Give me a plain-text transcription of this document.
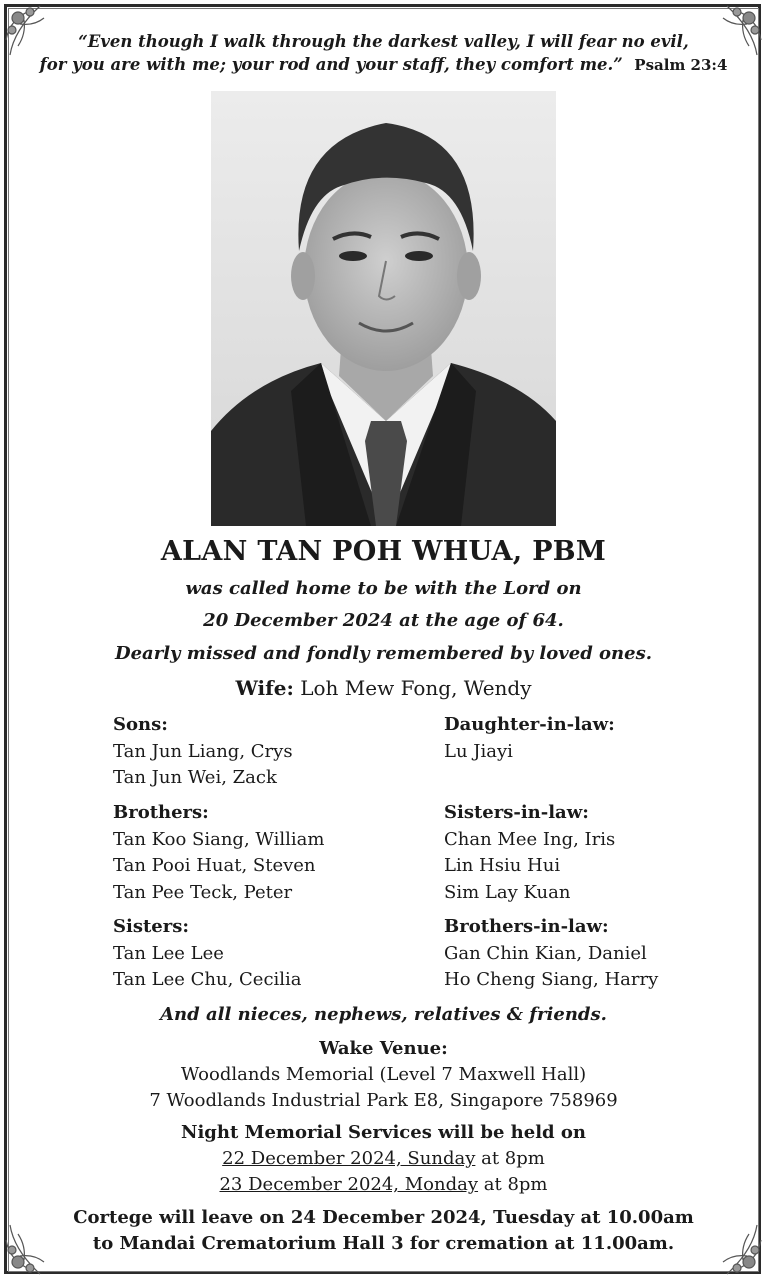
“Even though I walk through the darkest valley, I will fear no evil,
for you are with me; your rod and your staff, they comfort me.” Psalm 23:4
ALAN TAN POH WHUA, PBM
was called home to be with the Lord on
20 December 2024 at the age of 64.
Dearly missed and fondly remembered by loved ones.
Wife: Loh Mew Fong, Wendy
Sons:
Tan Jun Liang, Crys
Tan Jun Wei, Zack
Brothers:
Tan Koo Siang, William
Tan Pooi Huat, Steven
Tan Pee Teck, Peter
Sisters:
Tan Lee Lee
Tan Lee Chu, Cecilia
Daughter-in-law:
Lu Jiayi
Sisters-in-law:
Chan Mee Ing, Iris
Lin Hsiu Hui
Sim Lay Kuan
Brothers-in-law:
Gan Chin Kian, Daniel
Ho Cheng Siang, Harry
And all nieces, nephews, relatives & friends.
Wake Venue:
Woodlands Memorial (Level 7 Maxwell Hall)
7 Woodlands Industrial Park E8, Singapore 758969
Night Memorial Services will be held on
22 December 2024, Sunday at 8pm
23 December 2024, Monday at 8pm
Cortege will leave on 24 December 2024, Tuesday at 10.00am
to Mandai Crematorium Hall 3 for cremation at 11.00am.
